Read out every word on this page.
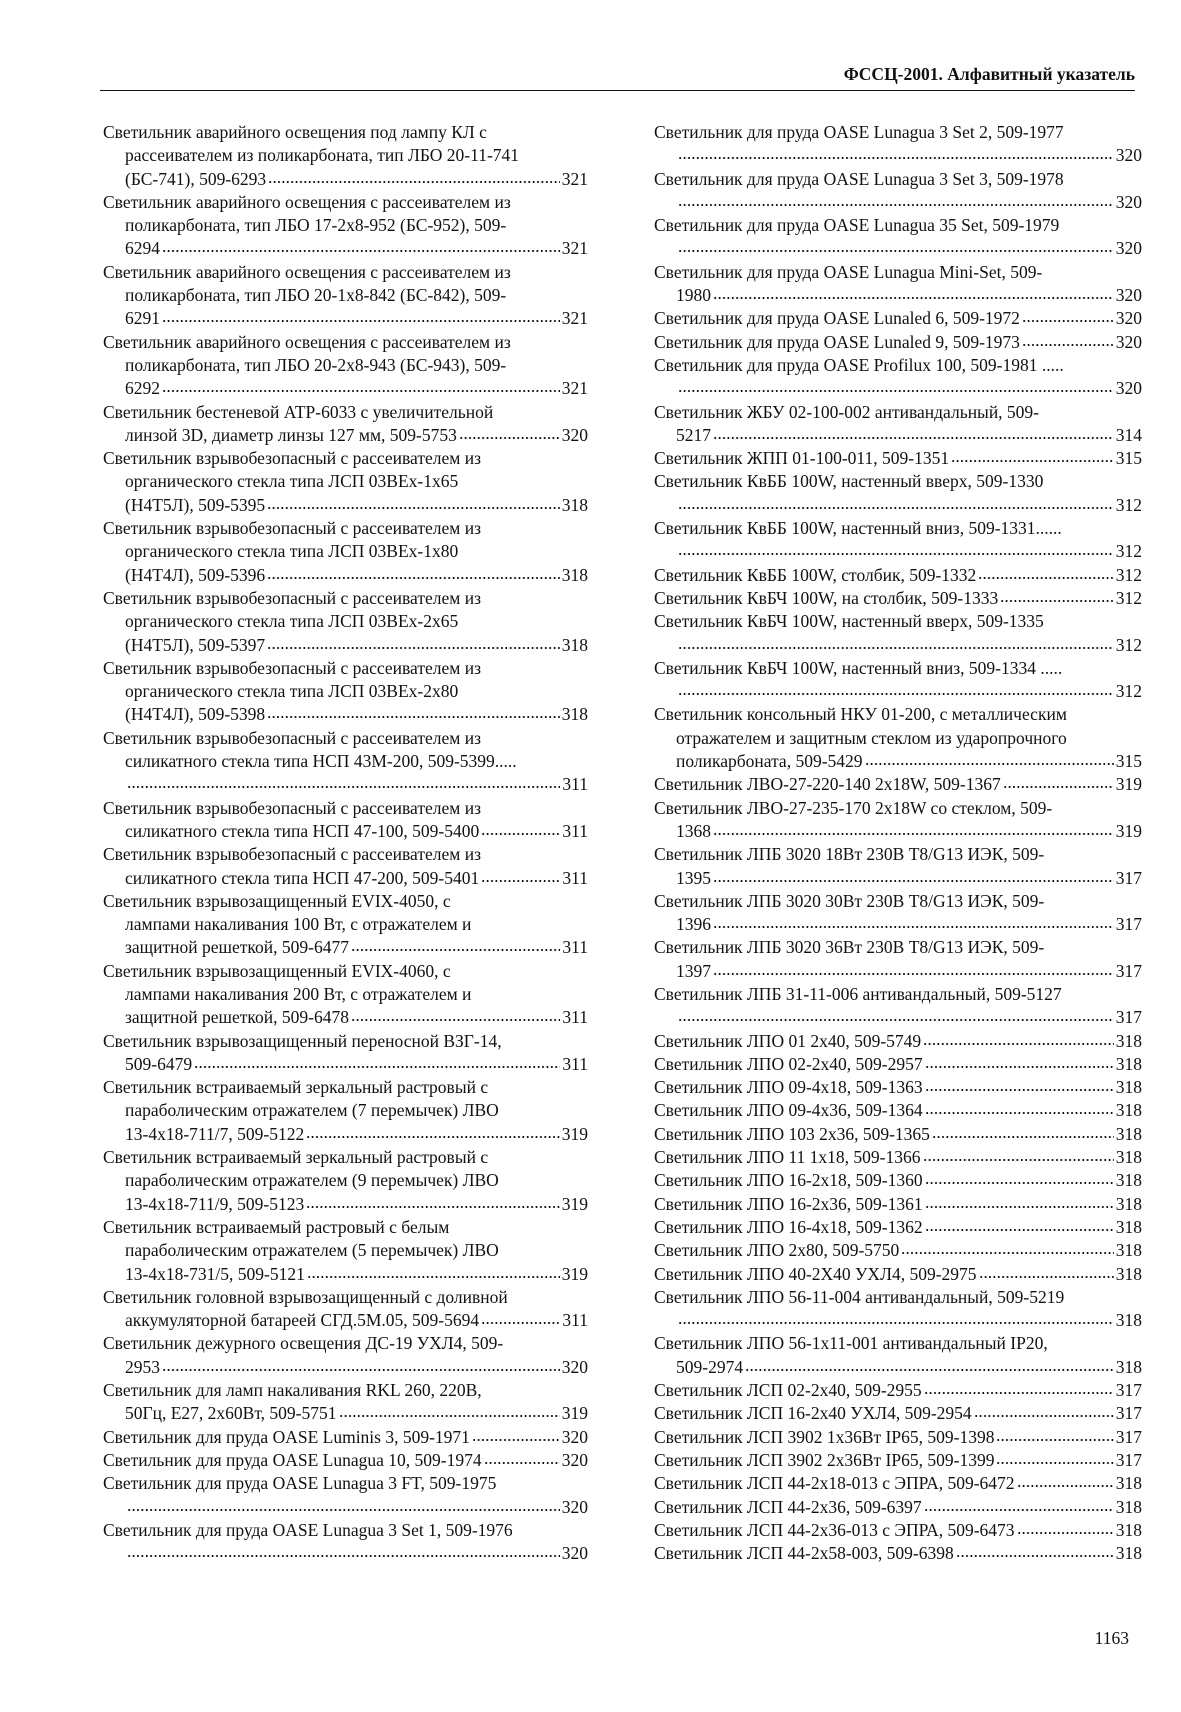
ФССЦ-2001. Алфавитный указатель
Светильник аварийного освещения под лампу КЛ с
рассеивателем из поликарбоната, тип ЛБО 20-11-741
(БС-741), 509-6293	321
Светильник аварийного освещения с рассеивателем из
поликарбоната, тип ЛБО 17-2х8-952 (БС-952), 509-
6294	321
Светильник аварийного освещения с рассеивателем из
поликарбоната, тип ЛБО 20-1х8-842 (БС-842), 509-
6291	321
Светильник аварийного освещения с рассеивателем из
поликарбоната, тип ЛБО 20-2х8-943 (БС-943), 509-
6292	321
Светильник бестеневой АТР-6033 с увеличительной
линзой 3D, диаметр линзы 127 мм, 509-5753	320
Светильник взрывобезопасный с рассеивателем из
органического стекла типа ЛСП 03ВЕх-1х65
(Н4Т5Л), 509-5395	318
Светильник взрывобезопасный с рассеивателем из
органического стекла типа ЛСП 03ВЕх-1х80
(Н4Т4Л), 509-5396	318
Светильник взрывобезопасный с рассеивателем из
органического стекла типа ЛСП 03ВЕх-2х65
(Н4Т5Л), 509-5397	318
Светильник взрывобезопасный с рассеивателем из
органического стекла типа ЛСП 03ВЕх-2х80
(Н4Т4Л), 509-5398	318
Светильник взрывобезопасный с рассеивателем из
силикатного стекла типа НСП 43М-200, 509-5399.....
311
Светильник взрывобезопасный с рассеивателем из
силикатного стекла типа НСП 47-100, 509-5400	311
Светильник взрывобезопасный с рассеивателем из
силикатного стекла типа НСП 47-200, 509-5401	311
Светильник взрывозащищенный EVIX-4050, с
лампами накаливания 100 Вт, с отражателем и
защитной решеткой, 509-6477	311
Светильник взрывозащищенный EVIX-4060, с
лампами накаливания 200 Вт, с отражателем и
защитной решеткой, 509-6478	311
Светильник взрывозащищенный переносной ВЗГ-14,
509-6479	311
Светильник встраиваемый зеркальный растровый с
параболическим отражателем (7 перемычек) ЛВО
13-4х18-711/7, 509-5122	319
Светильник встраиваемый зеркальный растровый с
параболическим отражателем (9 перемычек) ЛВО
13-4х18-711/9, 509-5123	319
Светильник встраиваемый растровый с белым
параболическим отражателем (5 перемычек) ЛВО
13-4х18-731/5, 509-5121	319
Светильник головной взрывозащищенный с доливной
аккумуляторной батареей СГД.5М.05, 509-5694	311
Светильник дежурного освещения ДС-19 УХЛ4, 509-
2953	320
Светильник для ламп накаливания RKL 260, 220В,
50Гц, Е27, 2х60Вт, 509-5751	319
Светильник для пруда OASE Luminis 3, 509-1971	320
Светильник для пруда OASE Lunagua 10, 509-1974	320
Светильник для пруда OASE Lunagua 3 FT, 509-1975
320
Светильник для пруда OASE Lunagua 3 Set 1, 509-1976
320
Светильник для пруда OASE Lunagua 3 Set 2, 509-1977
320
Светильник для пруда OASE Lunagua 3 Set 3, 509-1978
320
Светильник для пруда OASE Lunagua 35 Set, 509-1979
320
Светильник для пруда OASE Lunagua Mini-Set, 509-
1980	320
Светильник для пруда OASE Lunaled 6, 509-1972	320
Светильник для пруда OASE Lunaled 9, 509-1973	320
Светильник для пруда OASE Profilux 100, 509-1981 .....
320
Светильник ЖБУ 02-100-002 антивандальный, 509-
5217	314
Светильник ЖПП 01-100-011, 509-1351	315
Светильник КвББ 100W, настенный вверх, 509-1330
312
Светильник КвББ 100W, настенный вниз, 509-1331......
312
Светильник КвББ 100W, столбик, 509-1332	312
Светильник КвБЧ 100W, на столбик, 509-1333	312
Светильник КвБЧ 100W, настенный вверх, 509-1335
312
Светильник КвБЧ 100W, настенный вниз, 509-1334 .....
312
Светильник консольный НКУ 01-200, с металлическим
отражателем и защитным стеклом из ударопрочного
поликарбоната, 509-5429	315
Светильник ЛВО-27-220-140 2х18W, 509-1367	319
Светильник ЛВО-27-235-170 2х18W со стеклом, 509-
1368	319
Светильник ЛПБ 3020 18Вт 230В Т8/G13 ИЭК, 509-
1395	317
Светильник ЛПБ 3020 30Вт 230В Т8/G13 ИЭК, 509-
1396	317
Светильник ЛПБ 3020 36Вт 230В Т8/G13 ИЭК, 509-
1397	317
Светильник ЛПБ 31-11-006 антивандальный, 509-5127
317
Светильник ЛПО 01 2х40, 509-5749	318
Светильник ЛПО 02-2х40, 509-2957	318
Светильник ЛПО 09-4х18, 509-1363	318
Светильник ЛПО 09-4х36, 509-1364	318
Светильник ЛПО 103 2х36, 509-1365	318
Светильник ЛПО 11 1х18, 509-1366	318
Светильник ЛПО 16-2х18, 509-1360	318
Светильник ЛПО 16-2х36, 509-1361	318
Светильник ЛПО 16-4х18, 509-1362	318
Светильник ЛПО 2х80, 509-5750	318
Светильник ЛПО 40-2Х40 УХЛ4, 509-2975	318
Светильник ЛПО 56-11-004 антивандальный, 509-5219
318
Светильник ЛПО 56-1х11-001 антивандальный IP20,
509-2974	318
Светильник ЛСП 02-2х40, 509-2955	317
Светильник ЛСП 16-2х40 УХЛ4, 509-2954	317
Светильник ЛСП 3902 1х36Вт IP65, 509-1398	317
Светильник ЛСП 3902 2х36Вт IP65, 509-1399	317
Светильник ЛСП 44-2х18-013 с ЭПРА, 509-6472	318
Светильник ЛСП 44-2х36, 509-6397	318
Светильник ЛСП 44-2х36-013 с ЭПРА, 509-6473	318
Светильник ЛСП 44-2х58-003, 509-6398	318
1163
